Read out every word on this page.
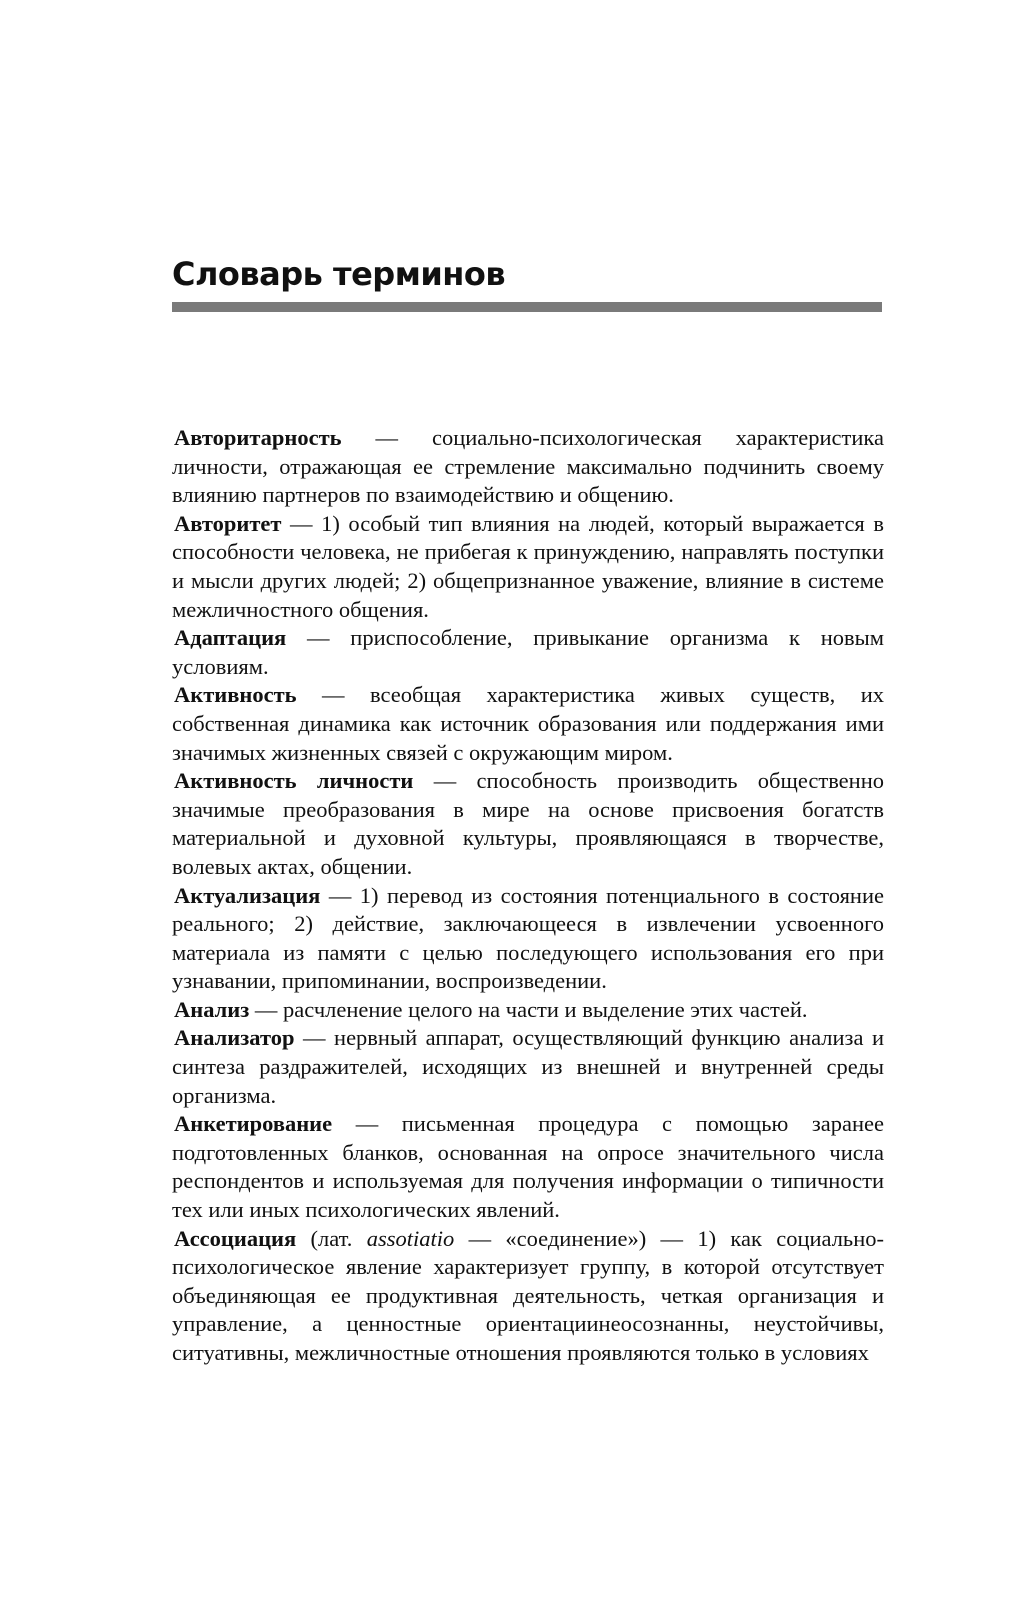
Словарь терминов

Авторитарность — социально-психологическая характеристика личности, отражающая ее стремление максимально подчинить своему влиянию партнеров по взаимодействию и общению.

Авторитет — 1) особый тип влияния на людей, который выражается в способности человека, не прибегая к принуждению, направлять поступки и мысли других людей; 2) общепризнанное уважение, влияние в системе межличностного общения.

Адаптация — приспособление, привыкание организма к новым условиям.

Активность — всеобщая характеристика живых существ, их собственная динамика как источник образования или поддержания ими значимых жизненных связей с окружающим миром.

Активность личности — способность производить общественно значимые преобразования в мире на основе присвоения богатств материальной и духовной культуры, проявляющаяся в творчестве, волевых актах, общении.

Актуализация — 1) перевод из состояния потенциального в состояние реального; 2) действие, заключающееся в извлечении усвоенного материала из памяти с целью последующего использования его при узнавании, припоминании, воспроизведении.

Анализ — расчленение целого на части и выделение этих частей.

Анализатор — нервный аппарат, осуществляющий функцию анализа и синтеза раздражителей, исходящих из внешней и внутренней среды организма.

Анкетирование — письменная процедура с помощью заранее подготовленных бланков, основанная на опросе значительного числа респондентов и используемая для получения информации о типичности тех или иных психологических явлений.

Ассоциация (лат. assotiatio — «соединение») — 1) как социально-психологическое явление характеризует группу, в которой отсутствует объединяющая ее продуктивная деятельность, четкая организация и управление, а ценностные ориентациинеосознанны, неустойчивы, ситуативны, межличностные отношения проявляются только в условиях
